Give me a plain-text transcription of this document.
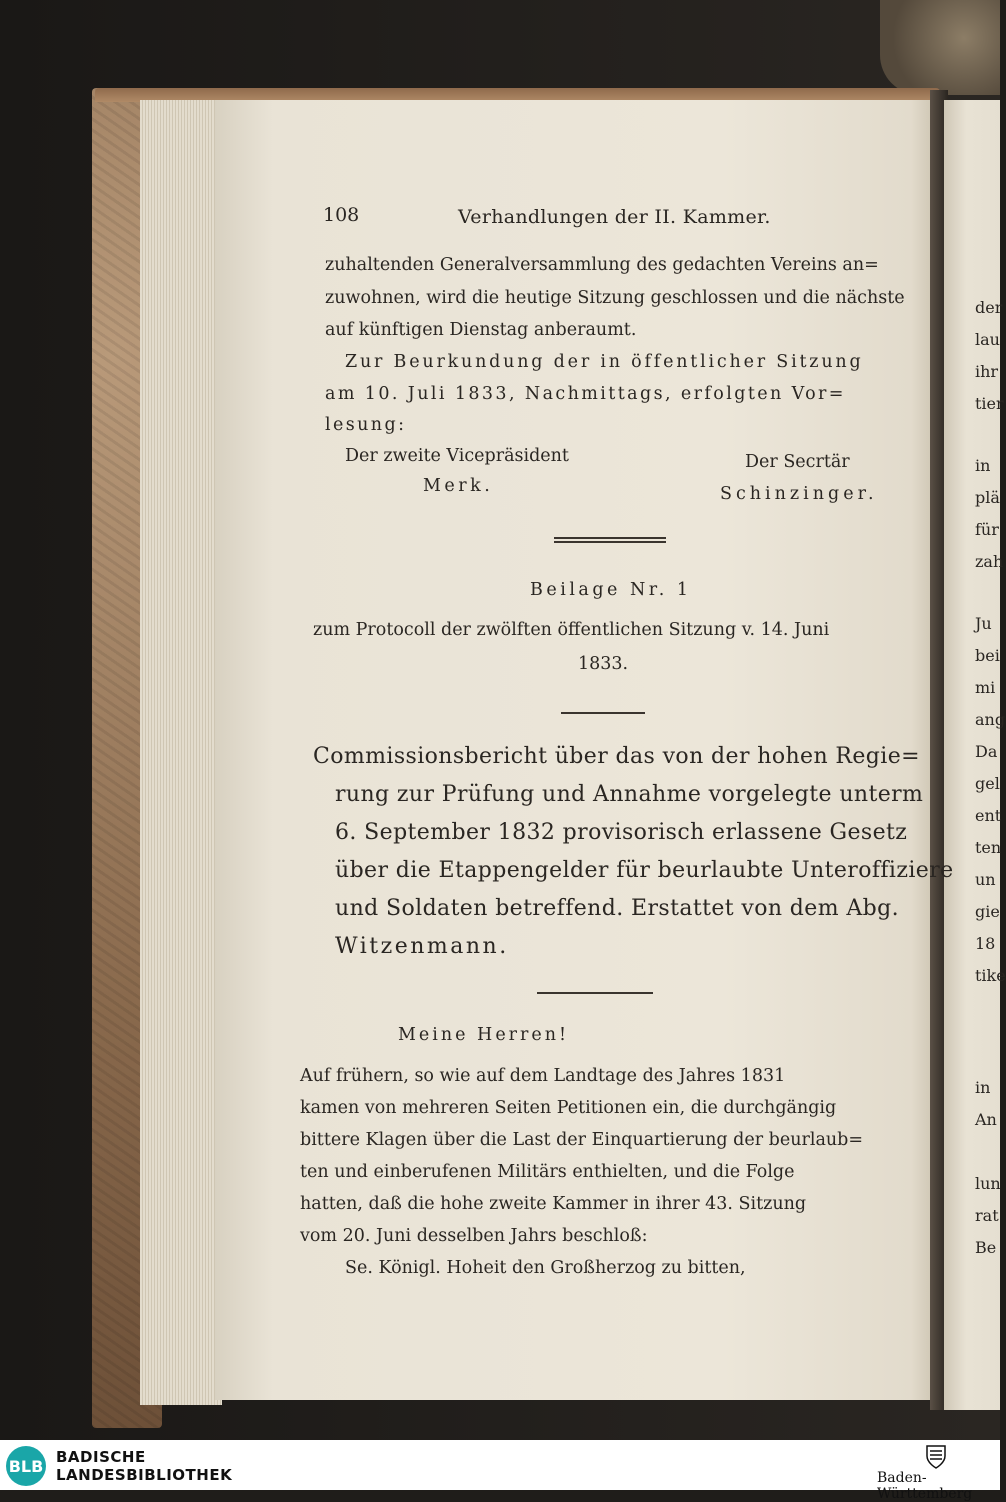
108	Verhandlungen der II. Kammer.
zuhaltenden Generalversammlung des gedachten Vereins an=
zuwohnen, wird die heutige Sitzung geschlossen und die nächste
auf künftigen Dienstag anberaumt.
Zur Beurkundung der in öffentlicher Sitzung
am 10. Juli 1833, Nachmittags, erfolgten Vor=
lesung:
Der zweite Vicepräsident	Der Secrtär
Merk.	Schinzinger.
Beilage Nr. 1
zum Protocoll der zwölften öffentlichen Sitzung v. 14. Juni
1833.
Commissionsbericht über das von der hohen Regie=
rung zur Prüfung und Annahme vorgelegte unterm
6. September 1832 provisorisch erlassene Gesetz
über die Etappengelder für beurlaubte Unteroffiziere
und Soldaten betreffend. Erstattet von dem Abg.
Witzenmann.
Meine Herren!
Auf frühern, so wie auf dem Landtage des Jahres 1831
kamen von mehreren Seiten Petitionen ein, die durchgängig
bittere Klagen über die Last der Einquartierung der beurlaub=
ten und einberufenen Militärs enthielten, und die Folge
hatten, daß die hohe zweite Kammer in ihrer 43. Sitzung
vom 20. Juni desselben Jahrs beschloß:
Se. Königl. Hoheit den Großherzog zu bitten,
der
lau
ihr
tier
in
plä
für
zah
Ju
bei
mi
ang
Da
gel
ent
ten
un
gie
18
tike
in
An
lun
rat
Be
BLB BADISCHE
LANDESBIBLIOTHEK	Baden-Württemberg
